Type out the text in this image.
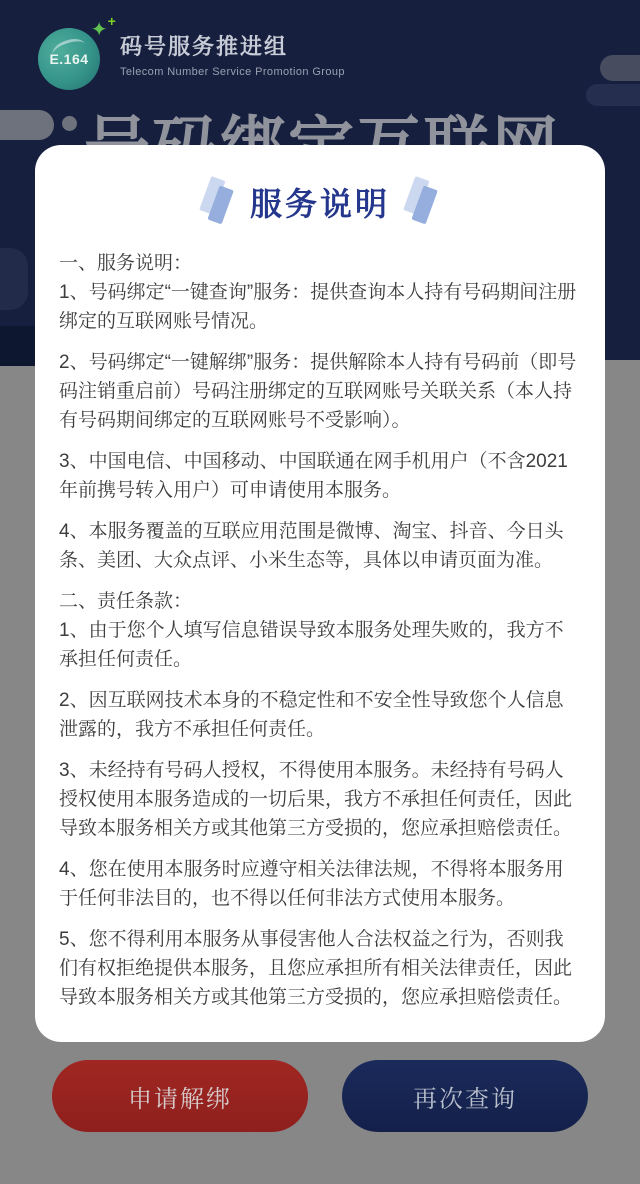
E.164
✦ +
码号服务推进组
Telecom Number Service Promotion Group
服务说明

一、服务说明：

1、号码绑定“一键查询”服务：提供查询本人持有号码期间注册绑定的互联网账号情况。

2、号码绑定“一键解绑”服务：提供解除本人持有号码前（即号码注销重启前）号码注册绑定的互联网账号关联关系（本人持有号码期间绑定的互联网账号不受影响）。

3、中国电信、中国移动、中国联通在网手机用户（不含2021年前携号转入用户）可申请使用本服务。

4、本服务覆盖的互联应用范围是微博、淘宝、抖音、今日头条、美团、大众点评、小米生态等，具体以申请页面为准。

二、责任条款：

1、由于您个人填写信息错误导致本服务处理失败的，我方不承担任何责任。

2、因互联网技术本身的不稳定性和不安全性导致您个人信息泄露的，我方不承担任何责任。

3、未经持有号码人授权，不得使用本服务。未经持有号码人授权使用本服务造成的一切后果，我方不承担任何责任，因此导致本服务相关方或其他第三方受损的，您应承担赔偿责任。

4、您在使用本服务时应遵守相关法律法规，不得将本服务用于任何非法目的，也不得以任何非法方式使用本服务。

5、您不得利用本服务从事侵害他人合法权益之行为，否则我们有权拒绝提供本服务，且您应承担所有相关法律责任，因此导致本服务相关方或其他第三方受损的，您应承担赔偿责任。

申请解绑	再次查询
